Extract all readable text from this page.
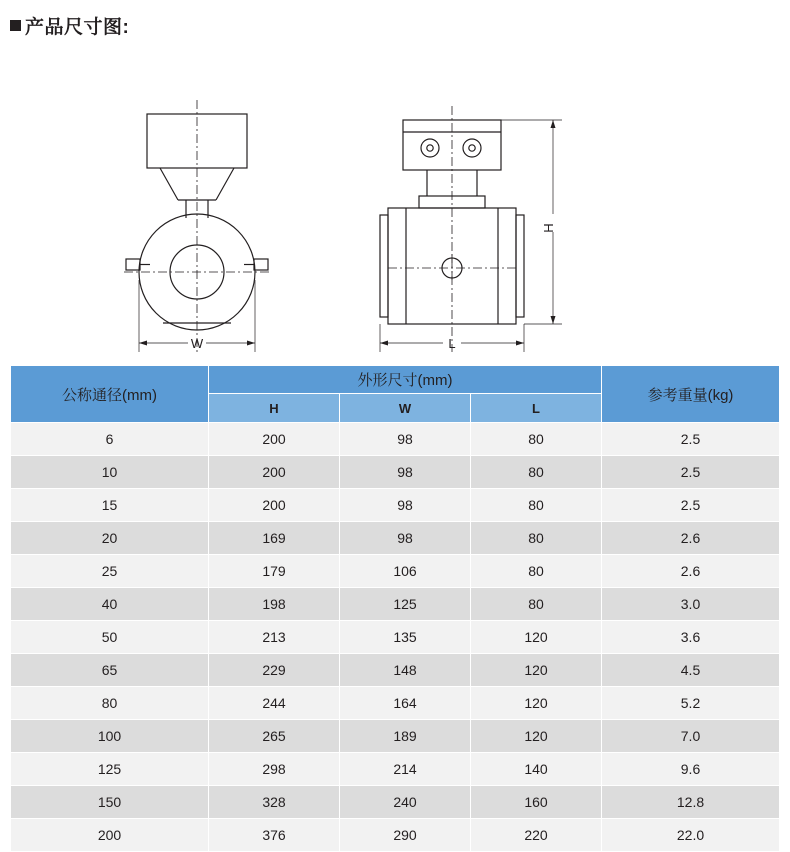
产品尺寸图:
W	L
H
公称通径(mm)	外形尺寸(mm)			参考重量(kg)
	H	W	L	
6	200	98	80	2.5
10	200	98	80	2.5
15	200	98	80	2.5
20	169	98	80	2.6
25	179	106	80	2.6
40	198	125	80	3.0
50	213	135	120	3.6
65	229	148	120	4.5
80	244	164	120	5.2
100	265	189	120	7.0
125	298	214	140	9.6
150	328	240	160	12.8
200	376	290	220	22.0
